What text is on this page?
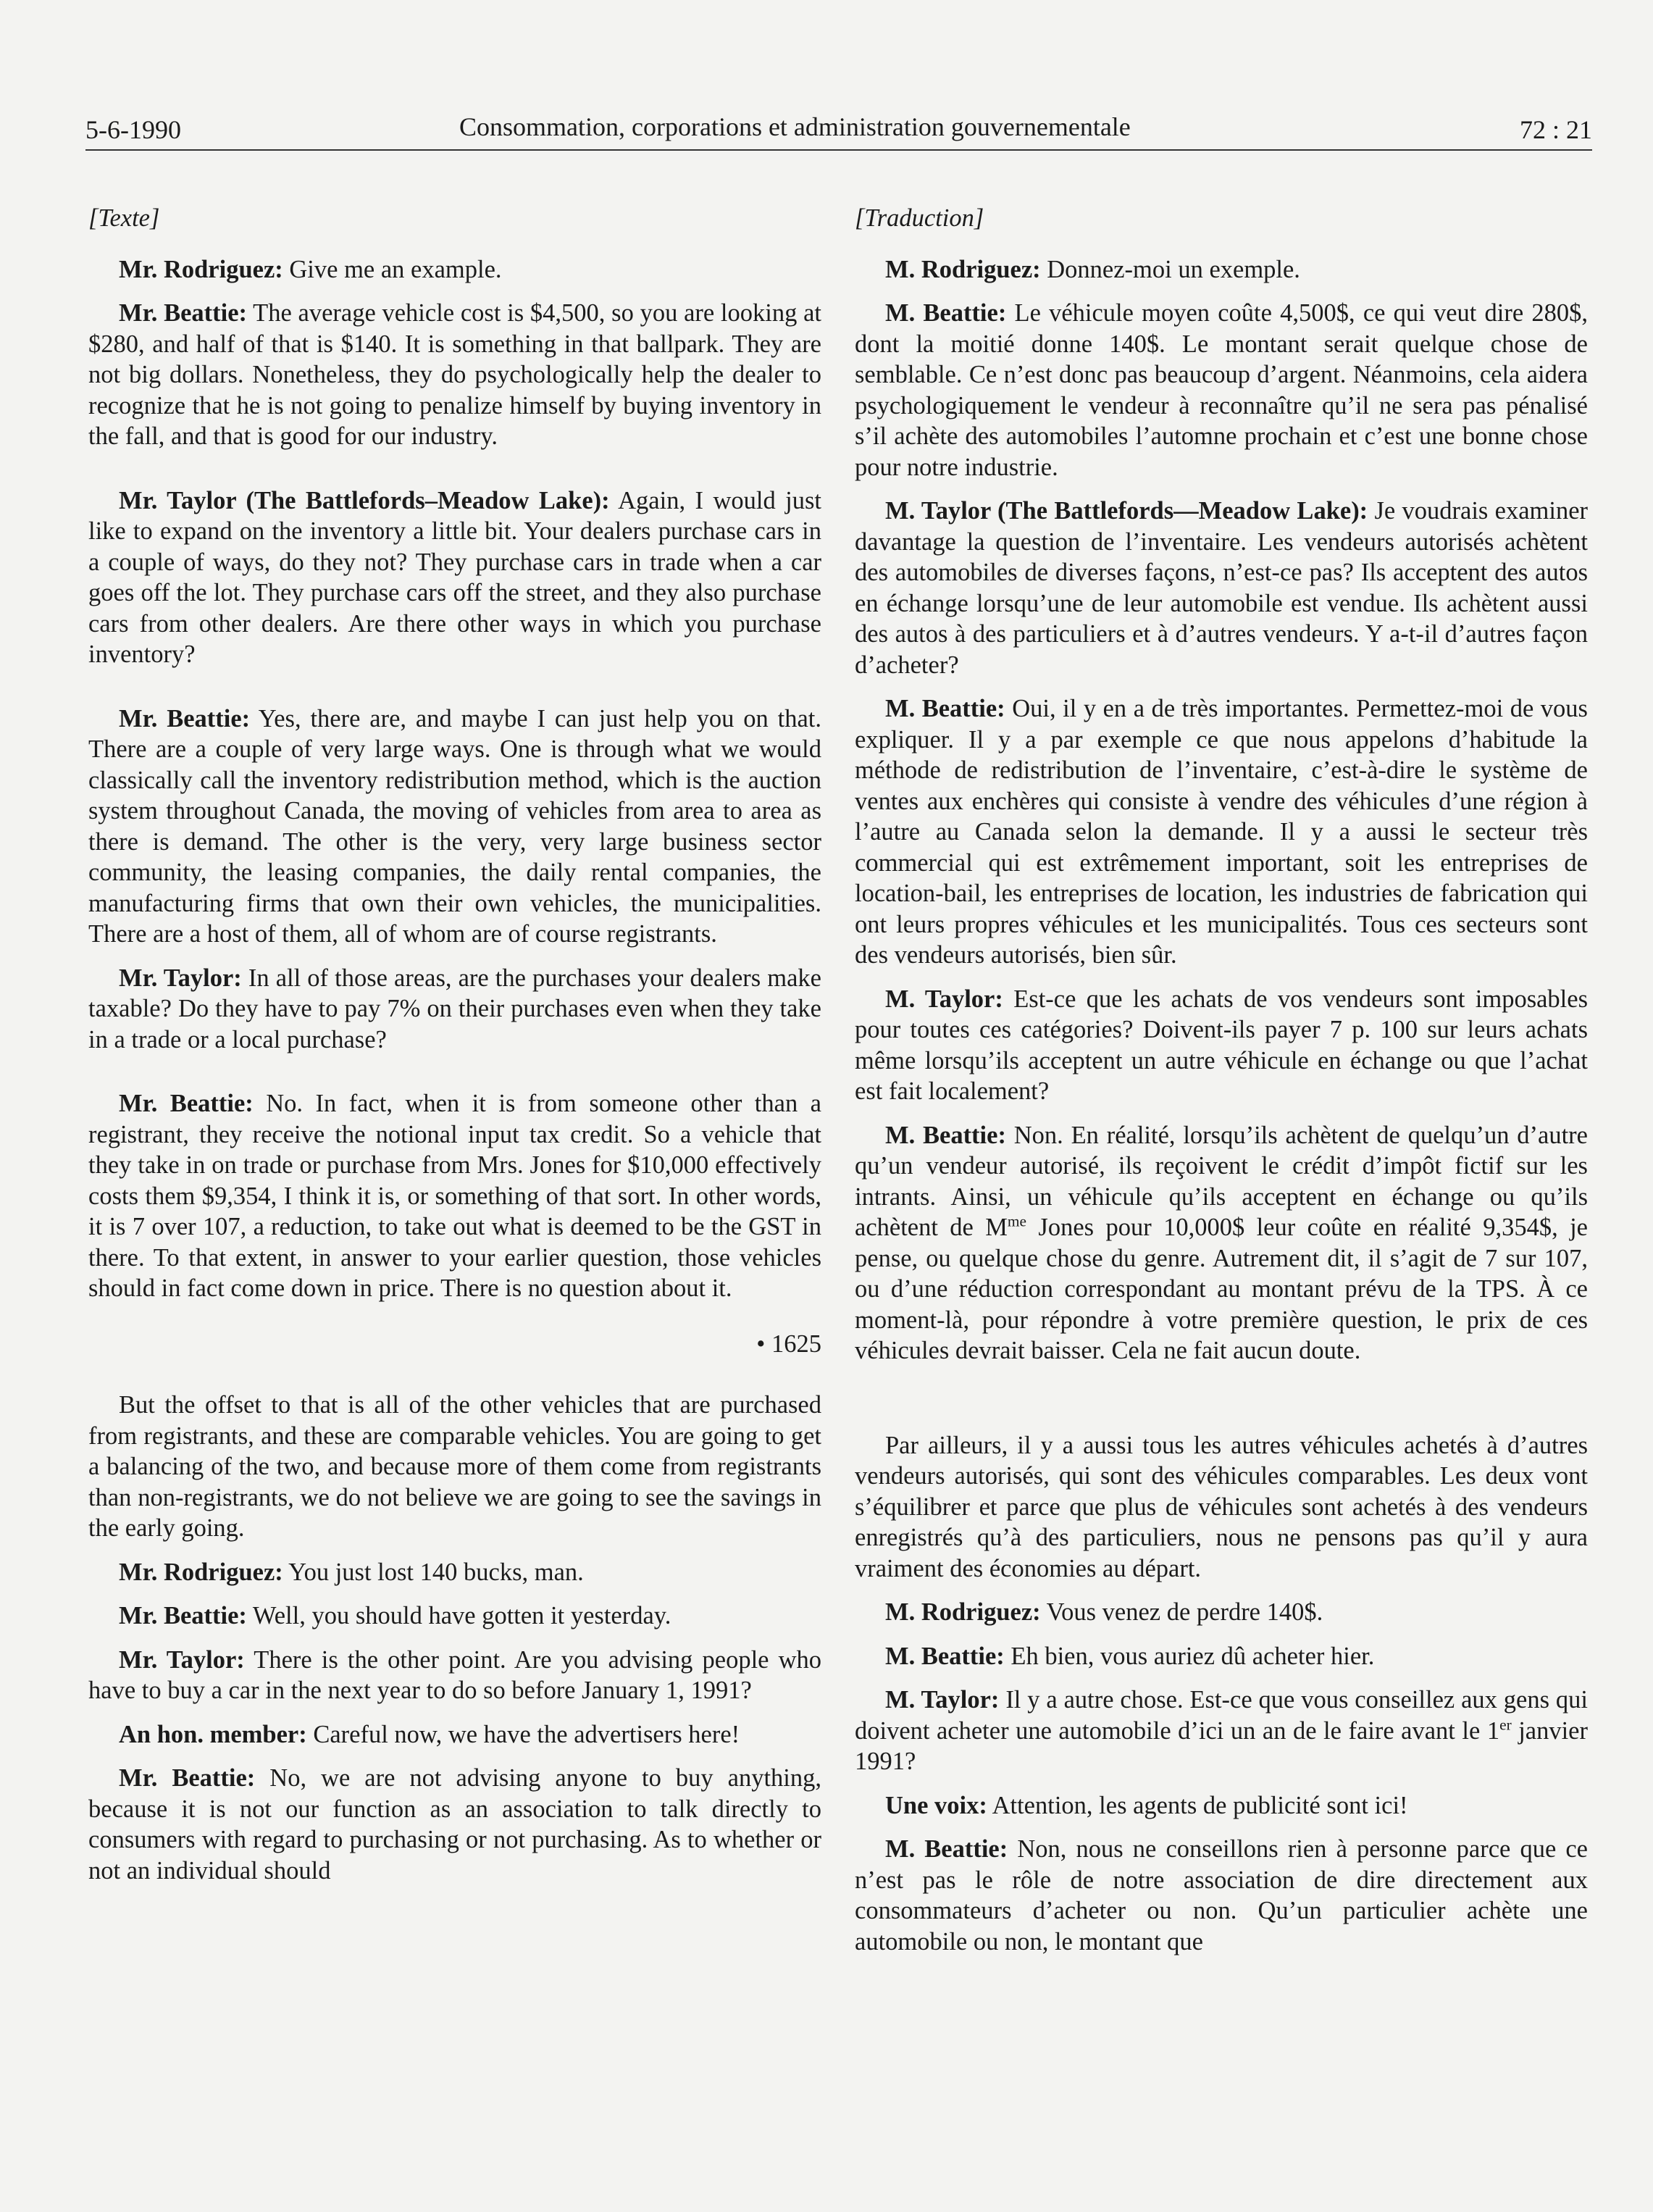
5-6-1990	Consommation, corporations et administration gouvernementale	72 : 21
[Texte]

Mr. Rodriguez: Give me an example.

Mr. Beattie: The average vehicle cost is $4,500, so you are looking at $280, and half of that is $140. It is something in that ballpark. They are not big dollars. Nonetheless, they do psychologically help the dealer to recognize that he is not going to penalize himself by buying inventory in the fall, and that is good for our industry.

Mr. Taylor (The Battlefords–Meadow Lake): Again, I would just like to expand on the inventory a little bit. Your dealers purchase cars in a couple of ways, do they not? They purchase cars in trade when a car goes off the lot. They purchase cars off the street, and they also purchase cars from other dealers. Are there other ways in which you purchase inventory?

Mr. Beattie: Yes, there are, and maybe I can just help you on that. There are a couple of very large ways. One is through what we would classically call the inventory redistribution method, which is the auction system throughout Canada, the moving of vehicles from area to area as there is demand. The other is the very, very large business sector community, the leasing companies, the daily rental companies, the manufacturing firms that own their own vehicles, the municipalities. There are a host of them, all of whom are of course registrants.

Mr. Taylor: In all of those areas, are the purchases your dealers make taxable? Do they have to pay 7% on their purchases even when they take in a trade or a local purchase?

Mr. Beattie: No. In fact, when it is from someone other than a registrant, they receive the notional input tax credit. So a vehicle that they take in on trade or purchase from Mrs. Jones for $10,000 effectively costs them $9,354, I think it is, or something of that sort. In other words, it is 7 over 107, a reduction, to take out what is deemed to be the GST in there. To that extent, in answer to your earlier question, those vehicles should in fact come down in price. There is no question about it.

• 1625

But the offset to that is all of the other vehicles that are purchased from registrants, and these are comparable vehicles. You are going to get a balancing of the two, and because more of them come from registrants than non-registrants, we do not believe we are going to see the savings in the early going.

Mr. Rodriguez: You just lost 140 bucks, man.

Mr. Beattie: Well, you should have gotten it yesterday.

Mr. Taylor: There is the other point. Are you advising people who have to buy a car in the next year to do so before January 1, 1991?

An hon. member: Careful now, we have the advertisers here!

Mr. Beattie: No, we are not advising anyone to buy anything, because it is not our function as an association to talk directly to consumers with regard to purchasing or not purchasing. As to whether or not an individual should

[Traduction]

M. Rodriguez: Donnez-moi un exemple.

M. Beattie: Le véhicule moyen coûte 4,500$, ce qui veut dire 280$, dont la moitié donne 140$. Le montant serait quelque chose de semblable. Ce n’est donc pas beaucoup d’argent. Néanmoins, cela aidera psychologiquement le vendeur à reconnaître qu’il ne sera pas pénalisé s’il achète des automobiles l’automne prochain et c’est une bonne chose pour notre industrie.

M. Taylor (The Battlefords—Meadow Lake): Je voudrais examiner davantage la question de l’inventaire. Les vendeurs autorisés achètent des automobiles de diverses façons, n’est-ce pas? Ils acceptent des autos en échange lorsqu’une de leur automobile est vendue. Ils achètent aussi des autos à des particuliers et à d’autres vendeurs. Y a-t-il d’autres façon d’acheter?

M. Beattie: Oui, il y en a de très importantes. Permettez-moi de vous expliquer. Il y a par exemple ce que nous appelons d’habitude la méthode de redistribution de l’inventaire, c’est-à-dire le système de ventes aux enchères qui consiste à vendre des véhicules d’une région à l’autre au Canada selon la demande. Il y a aussi le secteur très commercial qui est extrêmement important, soit les entreprises de location-bail, les entreprises de location, les industries de fabrication qui ont leurs propres véhicules et les municipalités. Tous ces secteurs sont des vendeurs autorisés, bien sûr.

M. Taylor: Est-ce que les achats de vos vendeurs sont imposables pour toutes ces catégories? Doivent-ils payer 7 p. 100 sur leurs achats même lorsqu’ils acceptent un autre véhicule en échange ou que l’achat est fait localement?

M. Beattie: Non. En réalité, lorsqu’ils achètent de quelqu’un d’autre qu’un vendeur autorisé, ils reçoivent le crédit d’impôt fictif sur les intrants. Ainsi, un véhicule qu’ils acceptent en échange ou qu’ils achètent de $M^{me}$ Jones pour 10,000$ leur coûte en réalité 9,354$, je pense, ou quelque chose du genre. Autrement dit, il s’agit de 7 sur 107, ou d’une réduction correspondant au montant prévu de la TPS. À ce moment-là, pour répondre à votre première question, le prix de ces véhicules devrait baisser. Cela ne fait aucun doute.

Par ailleurs, il y a aussi tous les autres véhicules achetés à d’autres vendeurs autorisés, qui sont des véhicules comparables. Les deux vont s’équilibrer et parce que plus de véhicules sont achetés à des vendeurs enregistrés qu’à des particuliers, nous ne pensons pas qu’il y aura vraiment des économies au départ.

M. Rodriguez: Vous venez de perdre 140$.

M. Beattie: Eh bien, vous auriez dû acheter hier.

M. Taylor: Il y a autre chose. Est-ce que vous conseillez aux gens qui doivent acheter une automobile d’ici un an de le faire avant le 1er janvier 1991?

Une voix: Attention, les agents de publicité sont ici!

M. Beattie: Non, nous ne conseillons rien à personne parce que ce n’est pas le rôle de notre association de dire directement aux consommateurs d’acheter ou non. Qu’un particulier achète une automobile ou non, le montant que
